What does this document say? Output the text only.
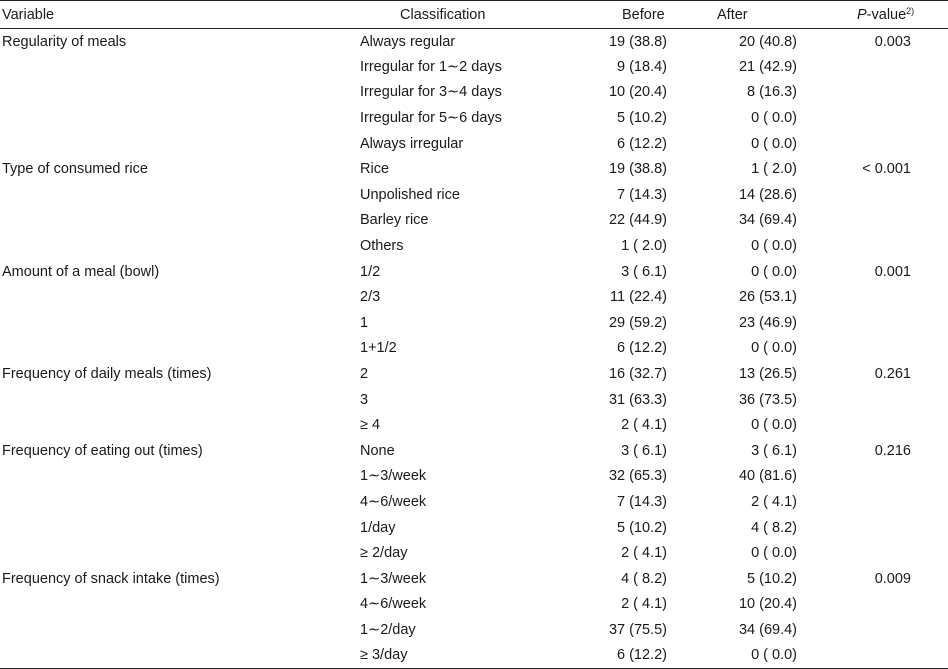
Variable	Classification	Before	After	P-value$^{2)}$
Regularity of meals	Always regular	19 (38.8)	20 (40.8)	0.003
	Irregular for 1∼2 days	9 (18.4)	21 (42.9)	
	Irregular for 3∼4 days	10 (20.4)	8 (16.3)	
	Irregular for 5∼6 days	5 (10.2)	0 ( 0.0)	
	Always irregular	6 (12.2)	0 ( 0.0)	
Type of consumed rice	Rice	19 (38.8)	1 ( 2.0)	< 0.001
	Unpolished rice	7 (14.3)	14 (28.6)	
	Barley rice	22 (44.9)	34 (69.4)	
	Others	1 ( 2.0)	0 ( 0.0)	
Amount of a meal (bowl)	1/2	3 ( 6.1)	0 ( 0.0)	0.001
	2/3	11 (22.4)	26 (53.1)	
	1	29 (59.2)	23 (46.9)	
	1+1/2	6 (12.2)	0 ( 0.0)	
Frequency of daily meals (times)	2	16 (32.7)	13 (26.5)	0.261
	3	31 (63.3)	36 (73.5)	
	≥ 4	2 ( 4.1)	0 ( 0.0)	
Frequency of eating out (times)	None	3 ( 6.1)	3 ( 6.1)	0.216
	1∼3/week	32 (65.3)	40 (81.6)	
	4∼6/week	7 (14.3)	2 ( 4.1)	
	1/day	5 (10.2)	4 ( 8.2)	
	≥ 2/day	2 ( 4.1)	0 ( 0.0)	
Frequency of snack intake (times)	1∼3/week	4 ( 8.2)	5 (10.2)	0.009
	4∼6/week	2 ( 4.1)	10 (20.4)	
	1∼2/day	37 (75.5)	34 (69.4)	
	≥ 3/day	6 (12.2)	0 ( 0.0)	
